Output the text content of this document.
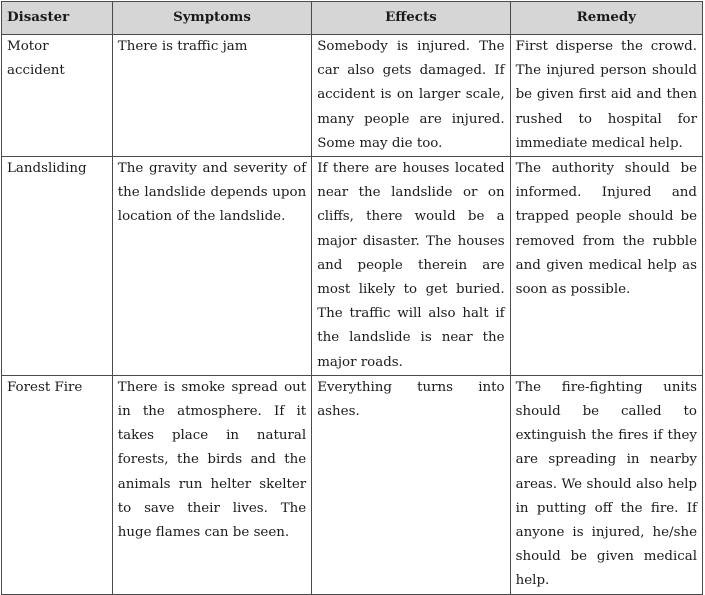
Disaster	Symptoms	Effects	Remedy
Motor accident	There is traffic jam	Somebody is injured. The car also gets damaged. If accident is on larger scale, many people are injured. Some may die too.	First disperse the crowd. The injured person should be given first aid and then rushed to hospital for immediate medical help.
Landsliding	The gravity and severity of the landslide depends upon location of the landslide.	If there are houses located near the landslide or on cliffs, there would be a major disaster. The houses and people therein are most likely to get buried. The traffic will also halt if the landslide is near the major roads.	The authority should be informed. Injured and trapped people should be removed from the rubble and given medical help as soon as possible.
Forest Fire	There is smoke spread out in the atmosphere. If it takes place in natural forests, the birds and the animals run helter skelter to save their lives. The huge flames can be seen.	Everything turns into ashes.	The fire-fighting units should be called to extinguish the fires if they are spreading in nearby areas. We should also help in putting off the fire. If anyone is injured, he/she should be given medical help.
